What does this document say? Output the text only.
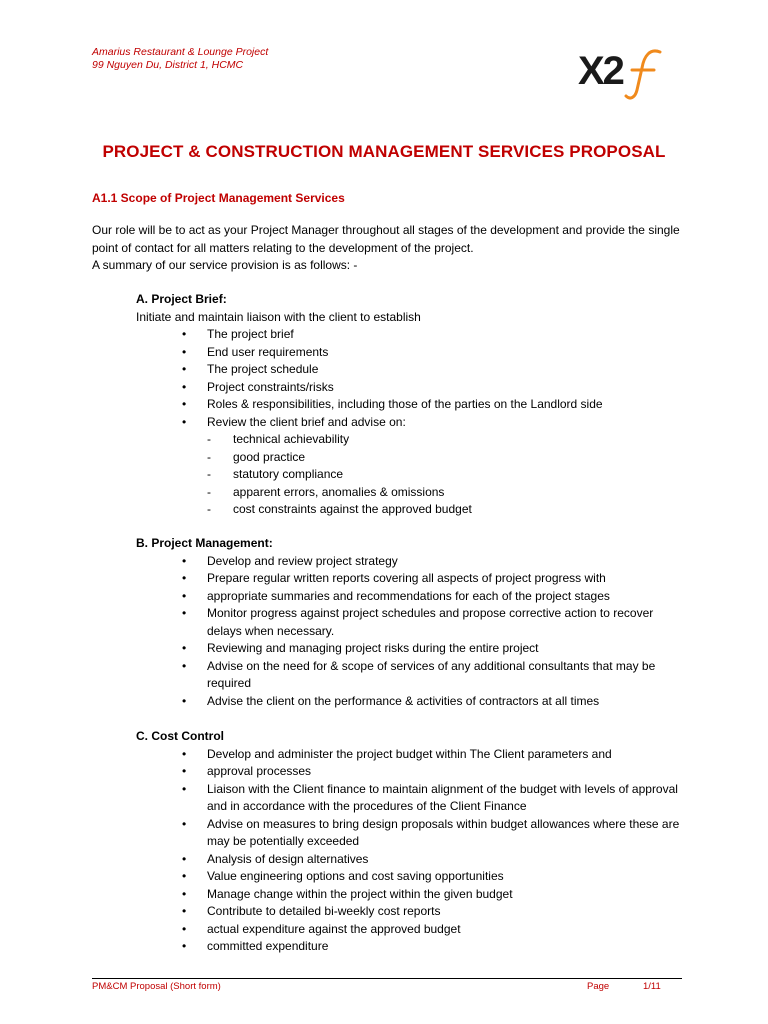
Amarius Restaurant & Lounge Project
99 Nguyen Du, District 1, HCMC	X2
f
PROJECT & CONSTRUCTION MANAGEMENT SERVICES PROPOSAL
A1.1 Scope of Project Management Services

Our role will be to act as your Project Manager throughout all stages of the development and provide the single point of contact for all matters relating to the development of the project.

A summary of our service provision is as follows: -

A. Project Brief:
Initiate and maintain liaison with the client to establish
• The project brief
• End user requirements
• The project schedule
• Project constraints/risks
• Roles & responsibilities, including those of the parties on the Landlord side
• Review the client brief and advise on:
- technical achievability
- good practice
- statutory compliance
- apparent errors, anomalies & omissions
- cost constraints against the approved budget
B. Project Management:
• Develop and review project strategy
• Prepare regular written reports covering all aspects of project progress with
• appropriate summaries and recommendations for each of the project stages
• Monitor progress against project schedules and propose corrective action to recover delays when necessary.
• Reviewing and managing project risks during the entire project
• Advise on the need for & scope of services of any additional consultants that may be required
• Advise the client on the performance & activities of contractors at all times
C. Cost Control
• Develop and administer the project budget within The Client parameters and
• approval processes
• Liaison with the Client finance to maintain alignment of the budget with levels of approval and in accordance with the procedures of the Client Finance
• Advise on measures to bring design proposals within budget allowances where these are may be potentially exceeded
• Analysis of design alternatives
• Value engineering options and cost saving opportunities
• Manage change within the project within the given budget
• Contribute to detailed bi-weekly cost reports
• actual expenditure against the approved budget
• committed expenditure
PM&CM Proposal (Short form)	Page	1/11
